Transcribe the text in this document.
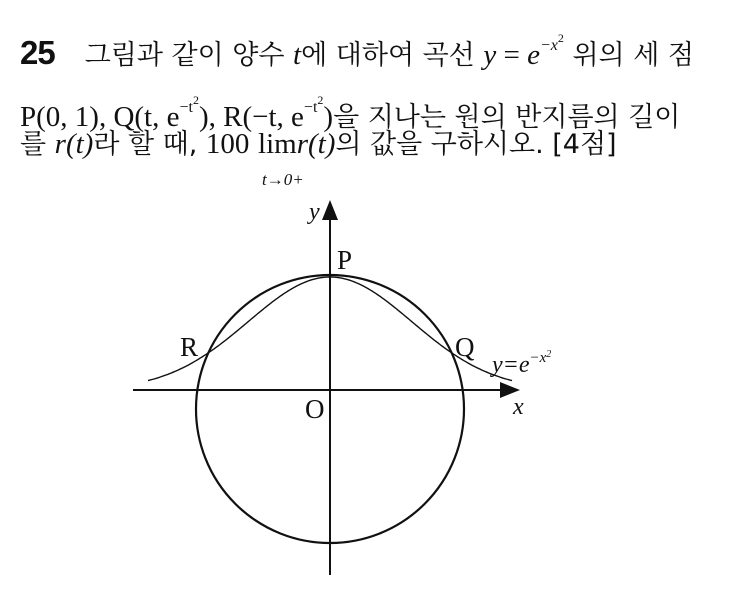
25 그림과 같이 양수 t에 대하여 곡선 $y = e^{-x2}$ 위의 세 점
P(0, 1), Q(t, $e^{-t2}$), R(−t, $e^{-t2}$)을 지나는 원의 반지름의 길이
를 r(t)라 할 때, 100 lim
t→0+
r(t)의 값을 구하시오. [4점]
y
x
O
P
Q
R
$y=e^{-x2}$
